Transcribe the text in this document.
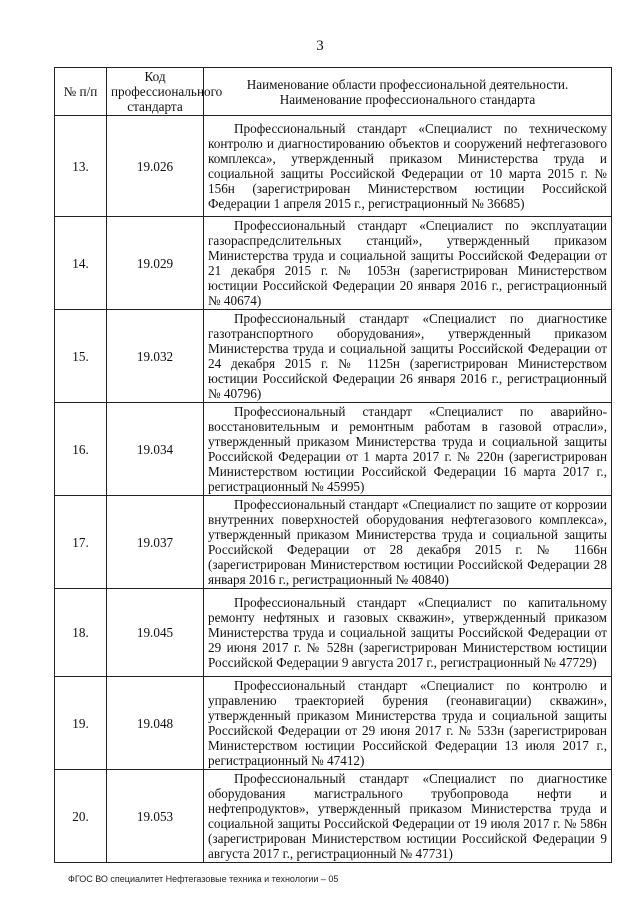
3
№ п/п	Код профессионального стандарта	Наименование области профессиональной деятельности.
Наименование профессионального стандарта
13.	19.026	Профессиональный стандарт «Специалист по техническому контролю и диагностированию объектов и сооружений нефтегазового комплекса», утвержденный приказом Министерства труда и социальной защиты Российской Федерации от 10 марта 2015 г. № 156н (зарегистрирован Министерством юстиции Российской Федерации 1 апреля 2015 г., регистрационный № 36685)

14.	19.029	Профессиональный стандарт «Специалист по эксплуатации газораспредслительных станций», утвержденный приказом Министерства труда и социальной защиты Российской Федерации от 21 декабря 2015 г. № 1053н (зарегистрирован Министерством юстиции Российской Федерации 20 января 2016 г., регистрационный № 40674)

15.	19.032	Профессиональный стандарт «Специалист по диагностике газотранспортного оборудования», утвержденный приказом Министерства труда и социальной защиты Российской Федерации от 24 декабря 2015 г. № 1125н (зарегистрирован Министерством юстиции Российской Федерации 26 января 2016 г., регистрационный № 40796)

16.	19.034	Профессиональный стандарт «Специалист по аварийно-восстановительным и ремонтным работам в газовой отрасли», утвержденный приказом Министерства труда и социальной защиты Российской Федерации от 1 марта 2017 г. № 220н (зарегистрирован Министерством юстиции Российской Федерации 16 марта 2017 г., регистрационный № 45995)

17.	19.037	Профессиональный стандарт «Специалист по защите от коррозии внутренних поверхностей оборудования нефтегазового комплекса», утвержденный приказом Министерства труда и социальной защиты Российской Федерации от 28 декабря 2015 г. № 1166н (зарегистрирован Министерством юстиции Российской Федерации 28 января 2016 г., регистрационный № 40840)

18.	19.045	Профессиональный стандарт «Специалист по капитальному ремонту нефтяных и газовых скважин», утвержденный приказом Министерства труда и социальной защиты Российской Федерации от 29 июня 2017 г. № 528н (зарегистрирован Министерством юстиции Российской Федерации 9 августа 2017 г., регистрационный № 47729)

19.	19.048	Профессиональный стандарт «Специалист по контролю и управлению траекторией бурения (геонавигации) скважин», утвержденный приказом Министерства труда и социальной защиты Российской Федерации от 29 июня 2017 г. № 533н (зарегистрирован Министерством юстиции Российской Федерации 13 июля 2017 г., регистрационный № 47412)

20.	19.053	Профессиональный стандарт «Специалист по диагностике оборудования магистрального трубопровода нефти и нефтепродуктов», утвержденный приказом Министерства труда и социальной защиты Российской Федерации от 19 июля 2017 г. № 586н (зарегистрирован Министерством юстиции Российской Федерации 9 августа 2017 г., регистрационный № 47731)
ФГОС ВО специалитет Нефтегазовые техника и технологии – 05
